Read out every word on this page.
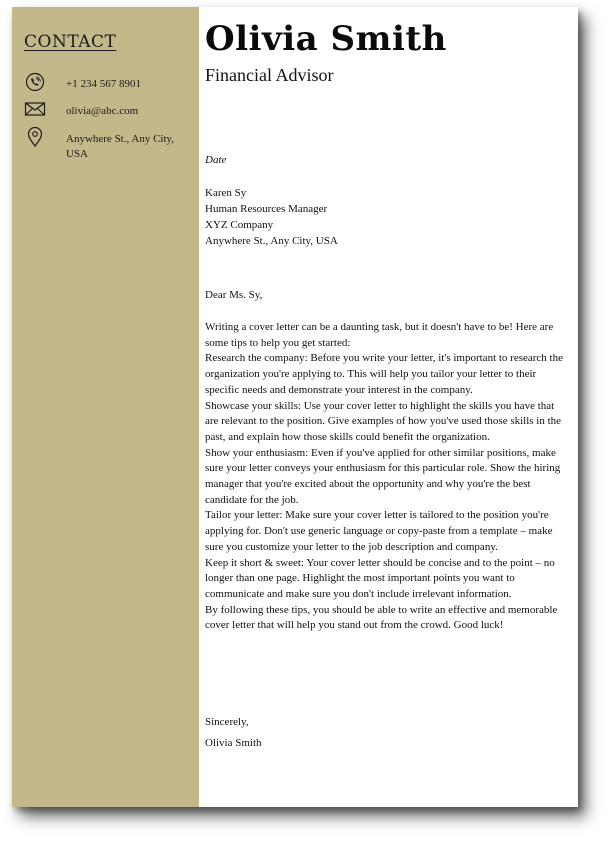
CONTACT
+1 234 567 8901
olivia@abc.com
Anywhere St., Any City, USA
Olivia Smith
Financial Advisor
Date
Karen Sy
Human Resources Manager
XYZ Company
Anywhere St., Any City, USA
Dear Ms. Sy,

Writing a cover letter can be a daunting task, but it doesn't have to be! Here are some tips to help you get started:

Research the company: Before you write your letter, it's important to research the organization you're applying to. This will help you tailor your letter to their specific needs and demonstrate your interest in the company.

Showcase your skills: Use your cover letter to highlight the skills you have that are relevant to the position. Give examples of how you've used those skills in the past, and explain how those skills could benefit the organization.

Show your enthusiasm: Even if you've applied for other similar positions, make sure your letter conveys your enthusiasm for this particular role. Show the hiring manager that you're excited about the opportunity and why you're the best candidate for the job.

Tailor your letter: Make sure your cover letter is tailored to the position you're applying for. Don't use generic language or copy-paste from a template – make sure you customize your letter to the job description and company.

Keep it short & sweet: Your cover letter should be concise and to the point – no longer than one page. Highlight the most important points you want to communicate and make sure you don't include irrelevant information.

By following these tips, you should be able to write an effective and memorable cover letter that will help you stand out from the crowd. Good luck!

Sincerely,
Olivia Smith
